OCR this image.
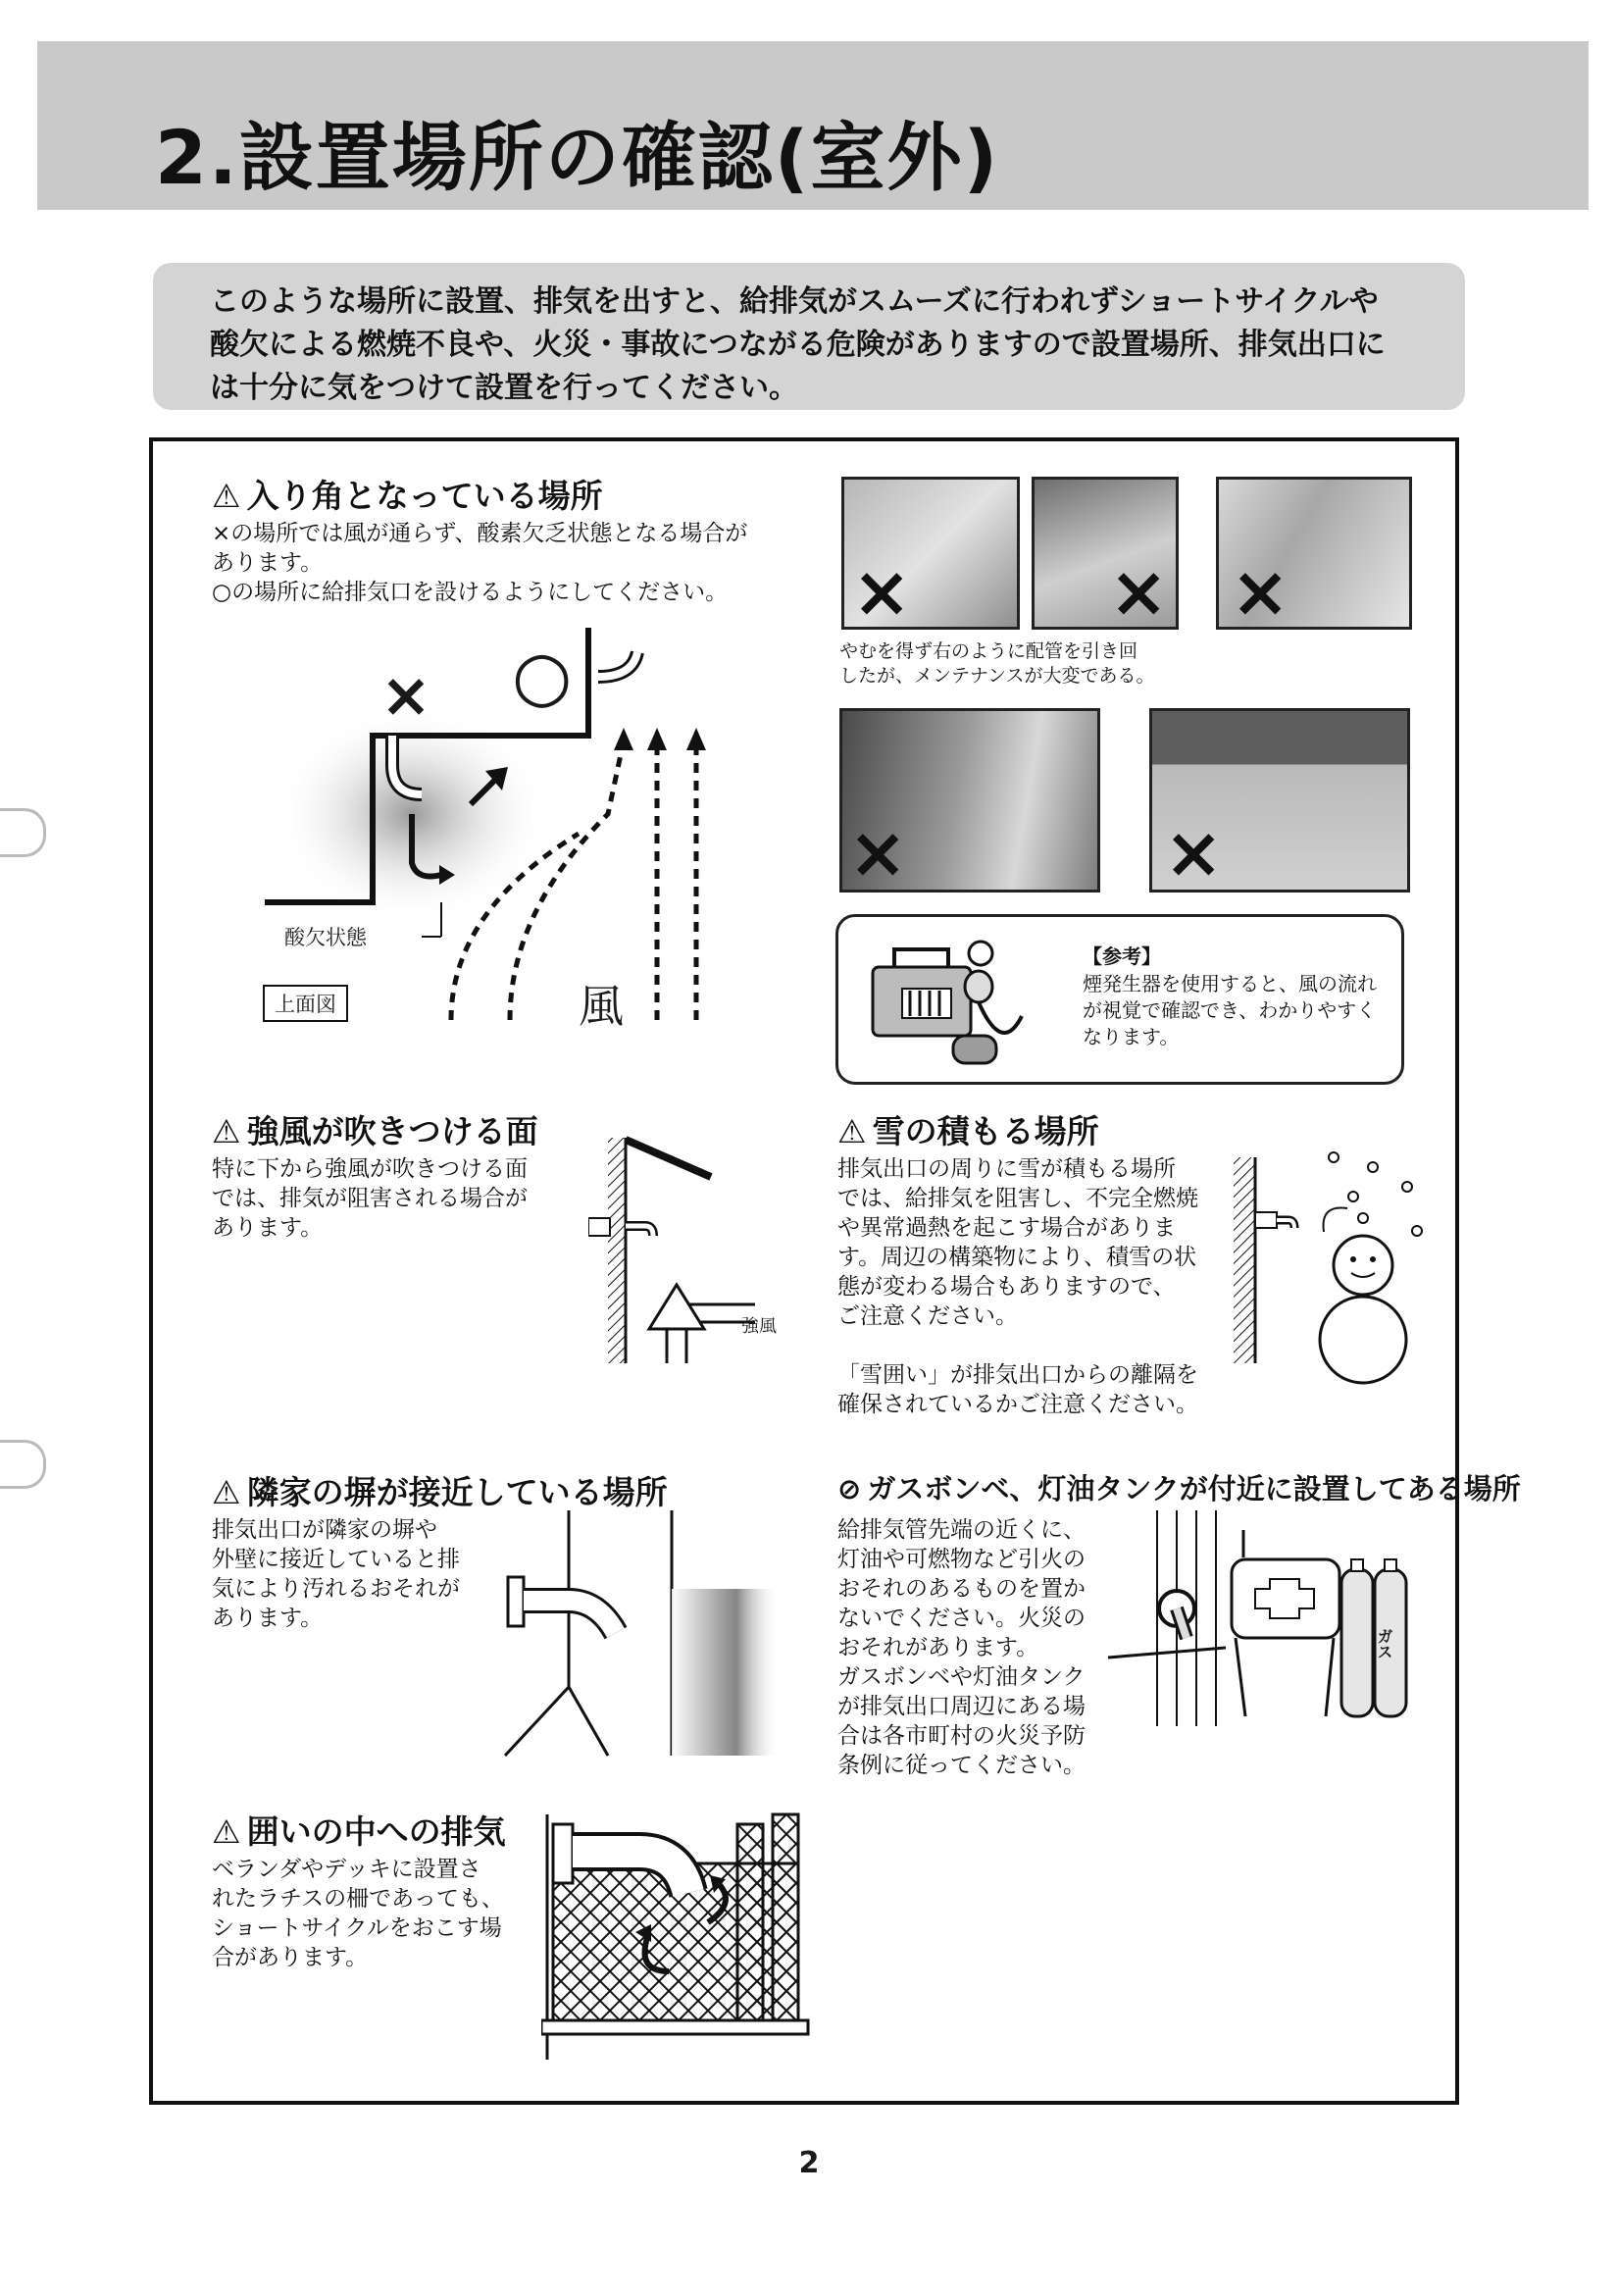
2.設置場所の確認(室外)
このような場所に設置、排気を出すと、給排気がスムーズに行われずショートサイクルや
酸欠による燃焼不良や、火災・事故につながる危険がありますので設置場所、排気出口に
は十分に気をつけて設置を行ってください。
⚠ 入り角となっている場所
×の場所では風が通らず、酸素欠乏状態となる場合が
あります。
○の場所に給排気口を設けるようにしてください。
× ○
酸欠状態
上面図	風
×	× ×
やむを得ず右のように配管を引き回
したが、メンテナンスが大変である。
×	×
【参考】
煙発生器を使用すると、風の流れ
が視覚で確認でき、わかりやすく
なります。
⚠ 強風が吹きつける面
特に下から強風が吹きつける面
では、排気が阻害される場合が
あります。
強風
⚠ 雪の積もる場所
排気出口の周りに雪が積もる場所
では、給排気を阻害し、不完全燃焼
や異常過熱を起こす場合がありま
す。周辺の構築物により、積雪の状
態が変わる場合もありますので、
ご注意ください。
「雪囲い」が排気出口からの離隔を
確保されているかご注意ください。
⚠ 隣家の塀が接近している場所
排気出口が隣家の塀や
外壁に接近していると排
気により汚れるおそれが
あります。
⊘ ガスボンベ、灯油タンクが付近に設置してある場所
給排気管先端の近くに、
灯油や可燃物など引火の
おそれのあるものを置か
ないでください。火災の
おそれがあります。
ガスボンベや灯油タンク
が排気出口周辺にある場
合は各市町村の火災予防
条例に従ってください。
ガス
⚠ 囲いの中への排気
ベランダやデッキに設置さ
れたラチスの柵であっても、
ショートサイクルをおこす場
合があります。
2
